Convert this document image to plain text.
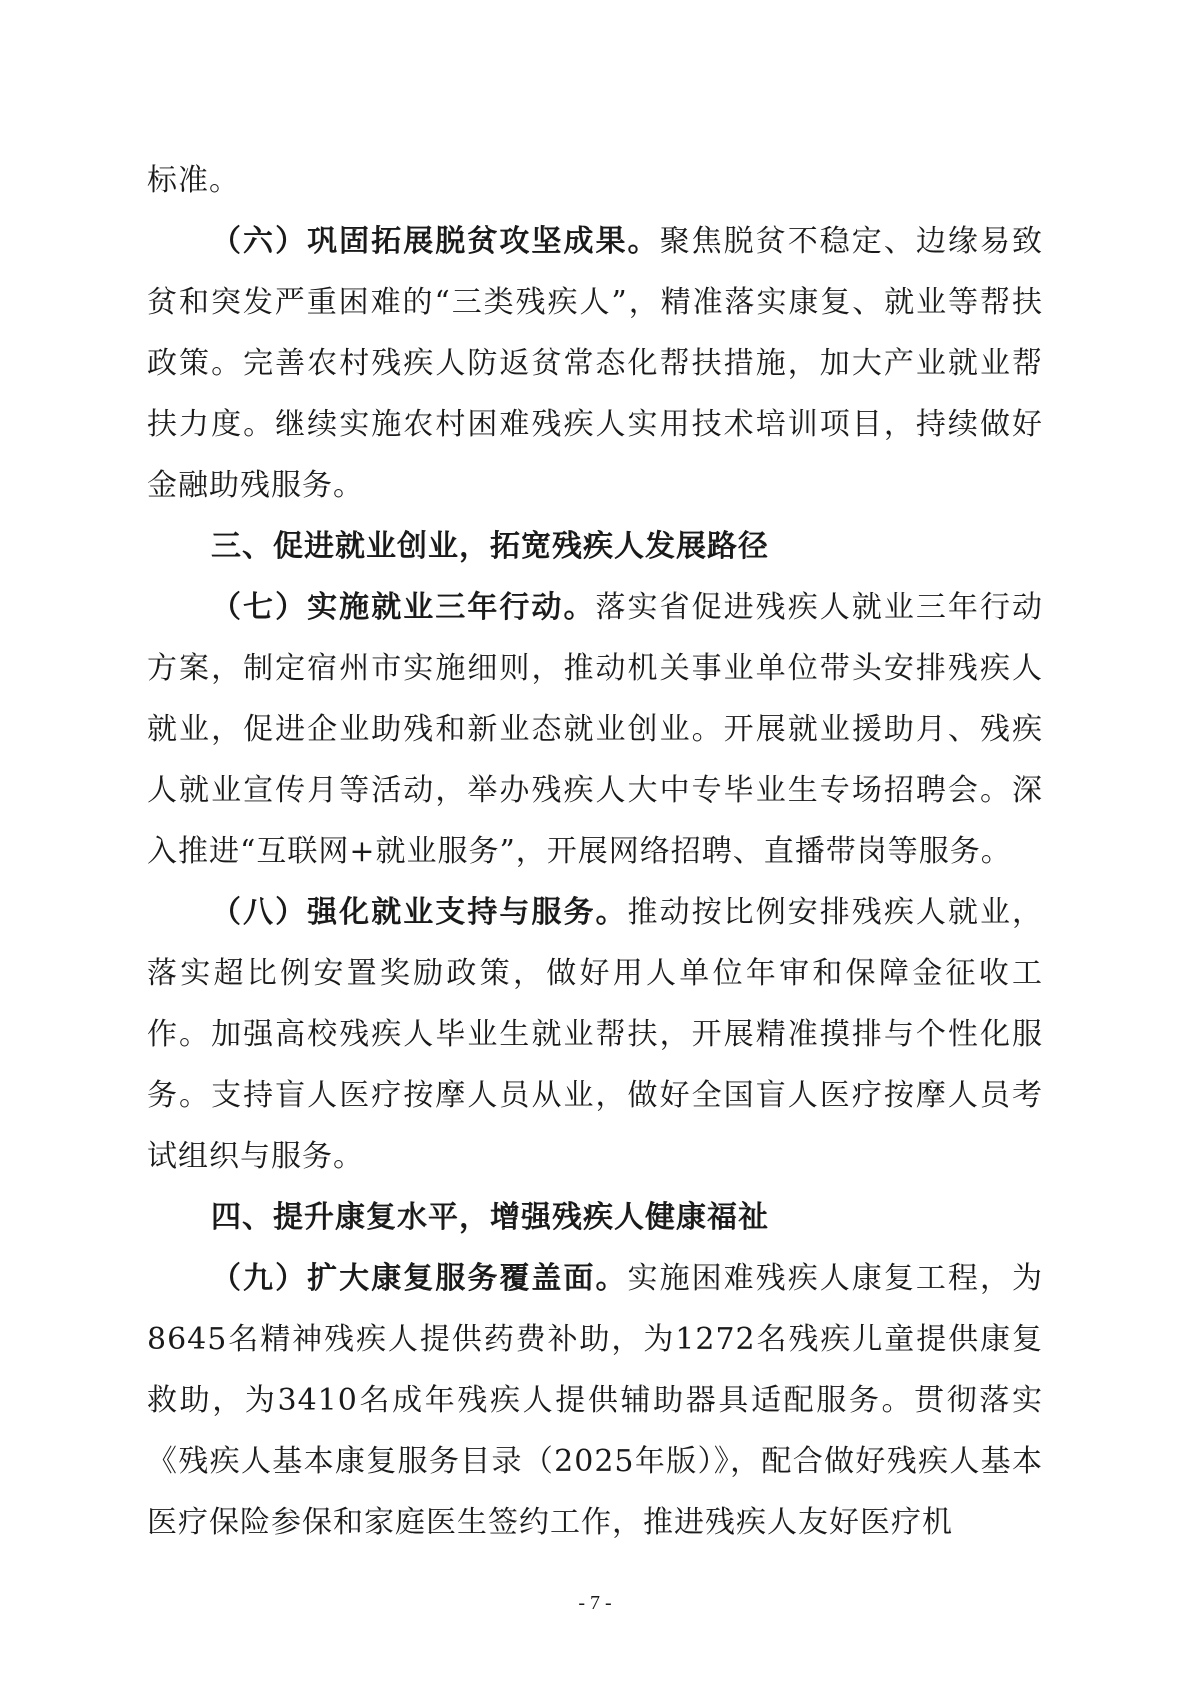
标准。

（六）巩固拓展脱贫攻坚成果。聚焦脱贫不稳定、边缘易致贫和突发严重困难的“三类残疾人”，精准落实康复、就业等帮扶政策。完善农村残疾人防返贫常态化帮扶措施，加大产业就业帮扶力度。继续实施农村困难残疾人实用技术培训项目，持续做好金融助残服务。

三、促进就业创业，拓宽残疾人发展路径

（七）实施就业三年行动。落实省促进残疾人就业三年行动方案，制定宿州市实施细则，推动机关事业单位带头安排残疾人就业，促进企业助残和新业态就业创业。开展就业援助月、残疾人就业宣传月等活动，举办残疾人大中专毕业生专场招聘会。深入推进“互联网+就业服务”，开展网络招聘、直播带岗等服务。

（八）强化就业支持与服务。推动按比例安排残疾人就业，落实超比例安置奖励政策，做好用人单位年审和保障金征收工作。加强高校残疾人毕业生就业帮扶，开展精准摸排与个性化服务。支持盲人医疗按摩人员从业，做好全国盲人医疗按摩人员考试组织与服务。

四、提升康复水平，增强残疾人健康福祉

（九）扩大康复服务覆盖面。实施困难残疾人康复工程，为8645名精神残疾人提供药费补助，为1272名残疾儿童提供康复救助，为3410名成年残疾人提供辅助器具适配服务。贯彻落实《残疾人基本康复服务目录（2025年版）》，配合做好残疾人基本医疗保险参保和家庭医生签约工作，推进残疾人友好医疗机

- 7 -
